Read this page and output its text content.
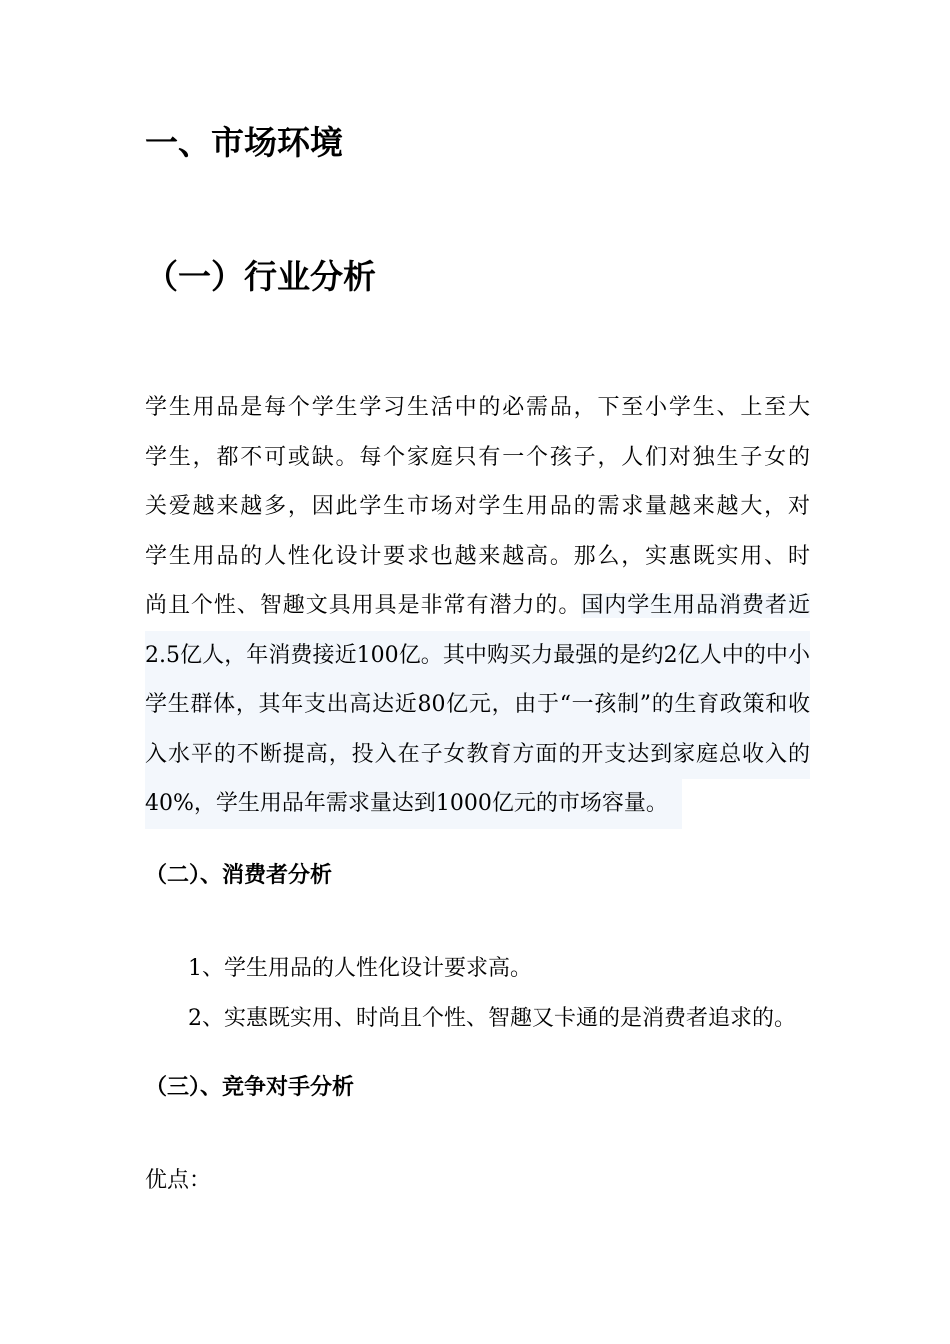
一、市场环境
（一）行业分析
学生用品是每个学生学习生活中的必需品，下至小学生、上至大
学生，都不可或缺。每个家庭只有一个孩子，人们对独生子女的
关爱越来越多，因此学生市场对学生用品的需求量越来越大，对
学生用品的人性化设计要求也越来越高。那么，实惠既实用、时
尚且个性、智趣文具用具是非常有潜力的。国内学生用品消费者近
2.5亿人，年消费接近100亿。其中购买力最强的是约2亿人中的中小
学生群体，其年支出高达近80亿元，由于“一孩制”的生育政策和收
入水平的不断提高，投入在子女教育方面的开支达到家庭总收入的
40%，学生用品年需求量达到1000亿元的市场容量。
（二）、消费者分析
1、学生用品的人性化设计要求高。
2、实惠既实用、时尚且个性、智趣又卡通的是消费者追求的。
（三）、竞争对手分析
优点：
